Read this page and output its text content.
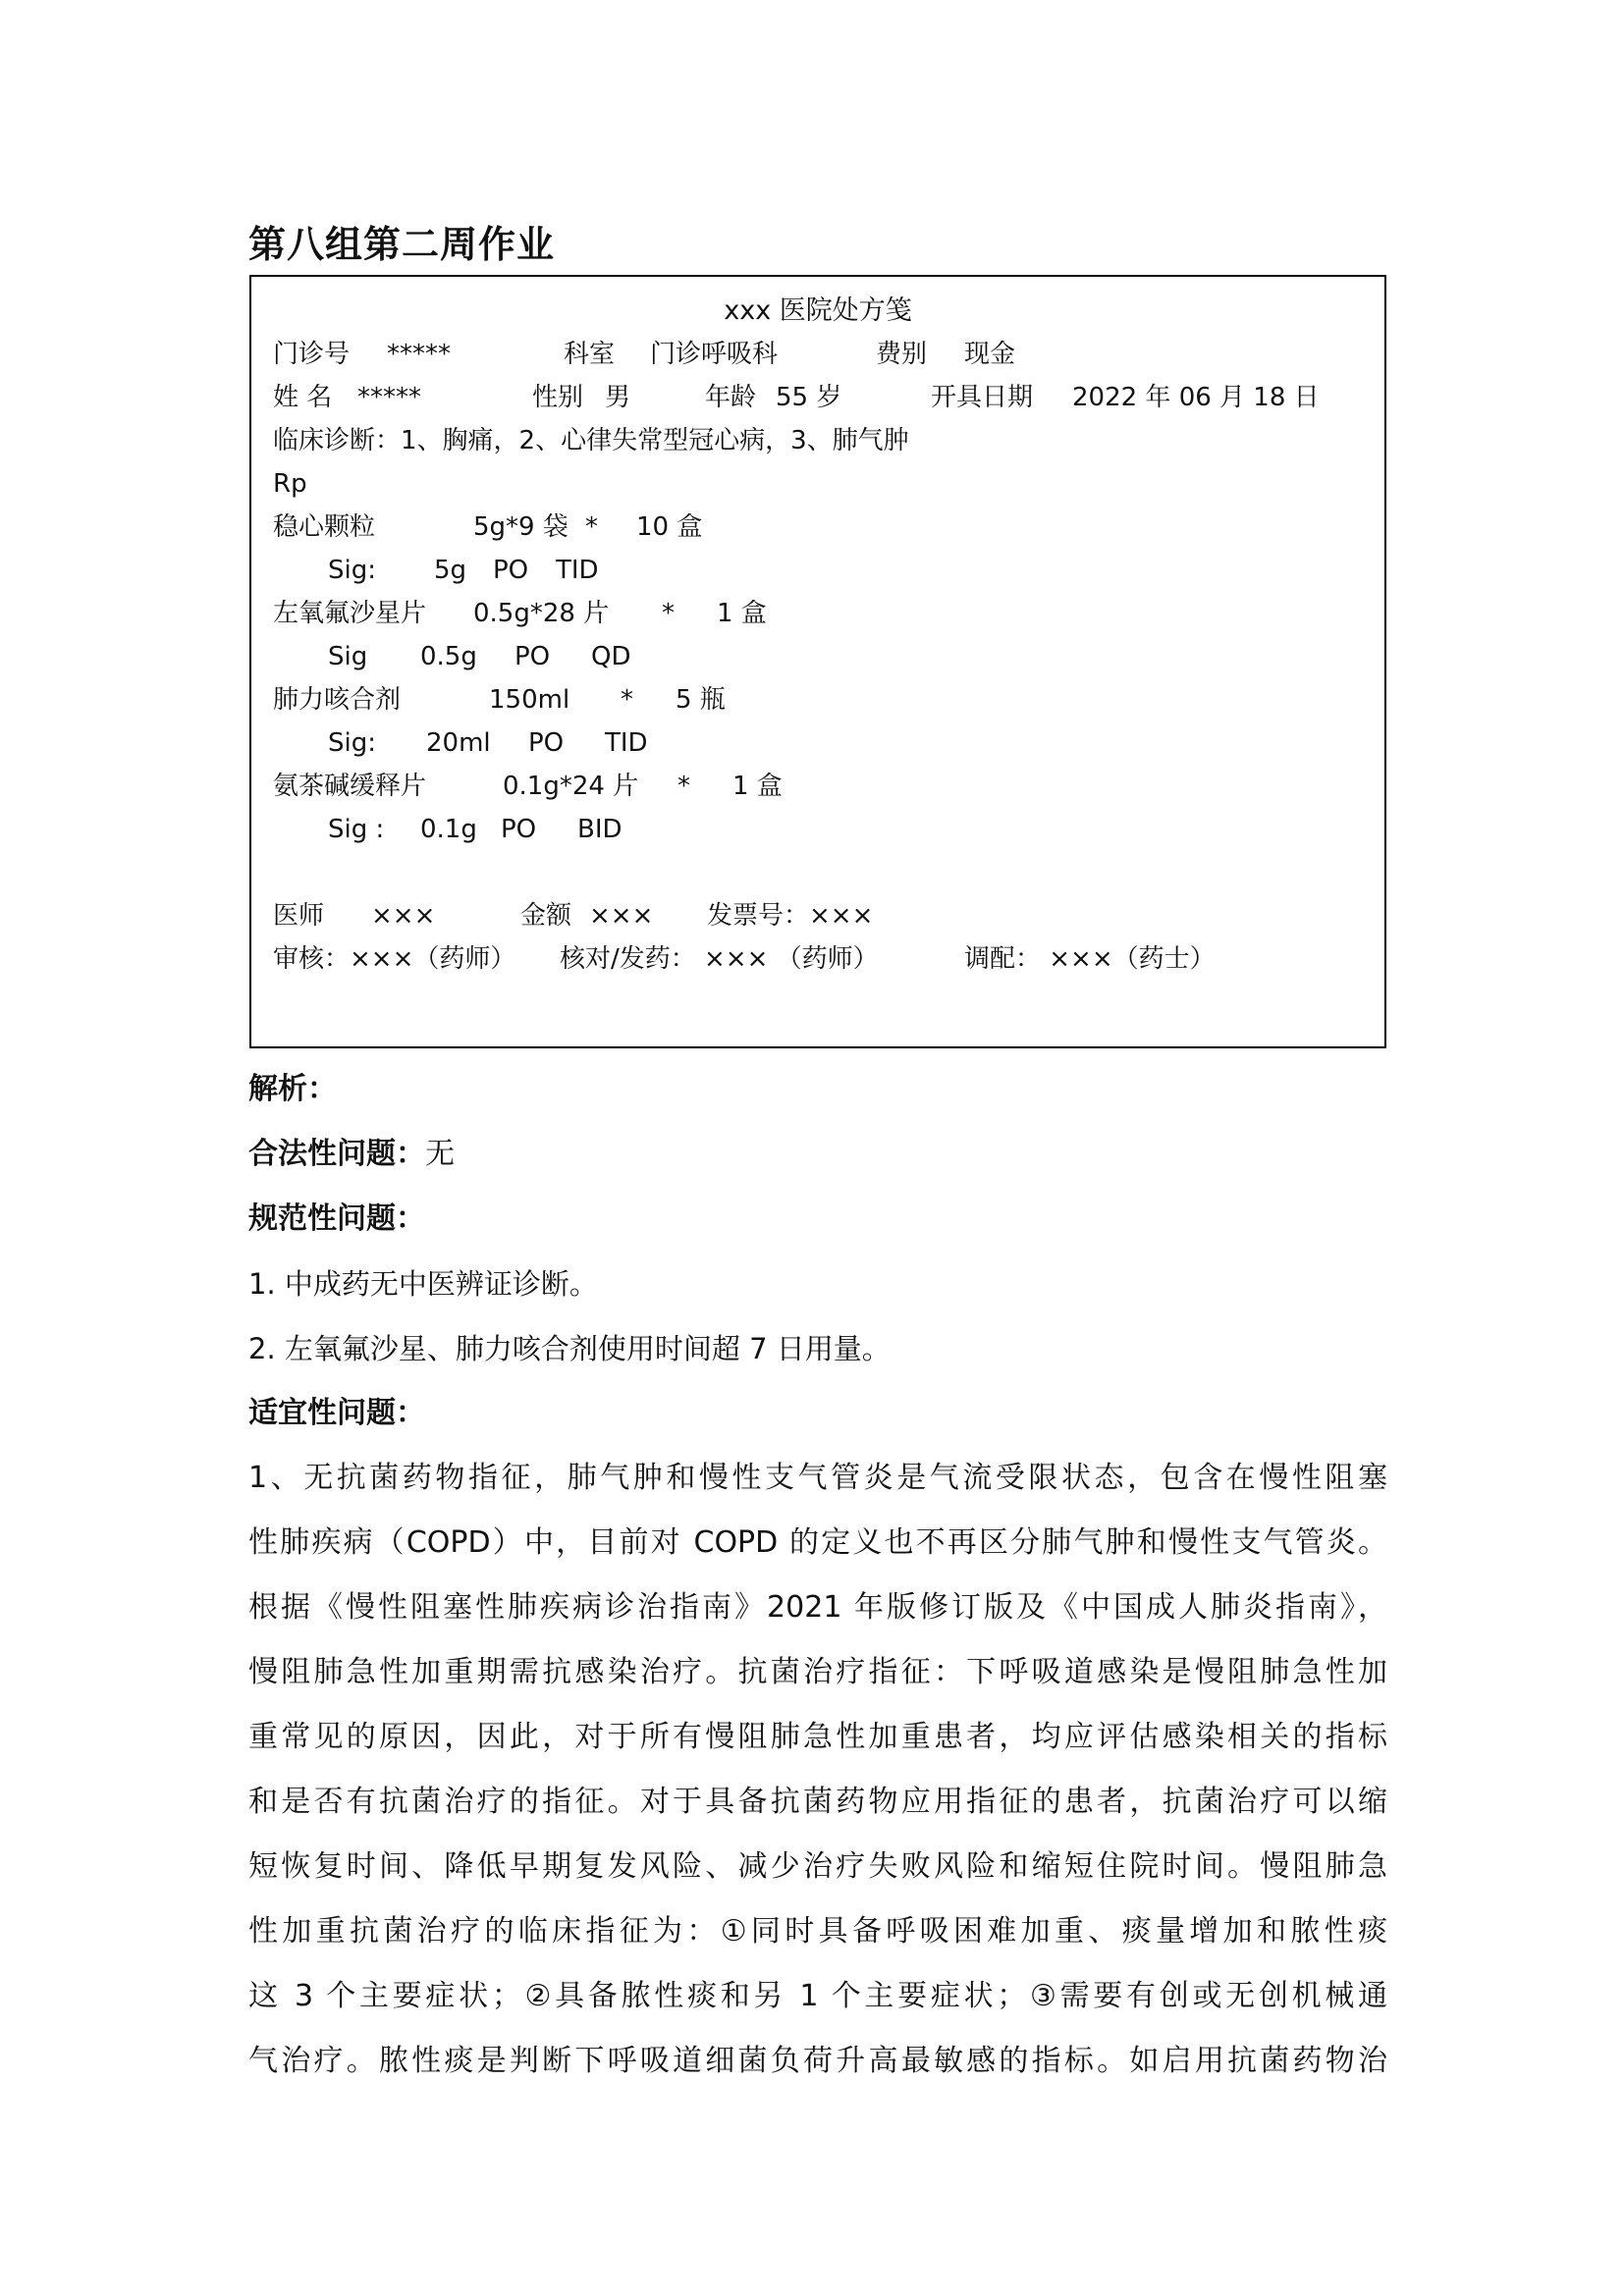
第八组第二周作业
xxx 医院处方笺
门诊号 *****	科室 门诊呼吸科	费别 现金
姓 名 *****	性别 男	年龄 55 岁	开具日期 2022 年 06 月 18 日
临床诊断：1、胸痛，2、心律失常型冠心病，3、肺气肿
Rp
稳心颗粒	5g*9 袋 * 10 盒
Sig: 5g PO TID
左氧氟沙星片 0.5g*28 片 * 1 盒
Sig 0.5g PO QD
肺力咳合剂	150ml * 5 瓶
Sig: 20ml PO TID
氨茶碱缓释片	0.1g*24 片 * 1 盒
Sig : 0.1g PO BID
医师 ×××	金额 ××× 发票号：×××
审核：×××（药师） 核对/发药： ××× （药师）	调配： ×××（药士）
解析：
合法性问题：无
规范性问题：
1. 中成药无中医辨证诊断。
2. 左氧氟沙星、肺力咳合剂使用时间超 7 日用量。
适宜性问题：
1、无抗菌药物指征，肺气肿和慢性支气管炎是气流受限状态，包含在慢性阻塞
性肺疾病（COPD）中，目前对 COPD 的定义也不再区分肺气肿和慢性支气管炎。
根据《慢性阻塞性肺疾病诊治指南》2021 年版修订版及《中国成人肺炎指南》，
慢阻肺急性加重期需抗感染治疗。抗菌治疗指征：下呼吸道感染是慢阻肺急性加
重常见的原因，因此，对于所有慢阻肺急性加重患者，均应评估感染相关的指标
和是否有抗菌治疗的指征。对于具备抗菌药物应用指征的患者，抗菌治疗可以缩
短恢复时间、降低早期复发风险、减少治疗失败风险和缩短住院时间。慢阻肺急
性加重抗菌治疗的临床指征为：①同时具备呼吸困难加重、痰量增加和脓性痰
这 3 个主要症状；②具备脓性痰和另 1 个主要症状；③需要有创或无创机械通
气治疗。脓性痰是判断下呼吸道细菌负荷升高最敏感的指标。如启用抗菌药物治
